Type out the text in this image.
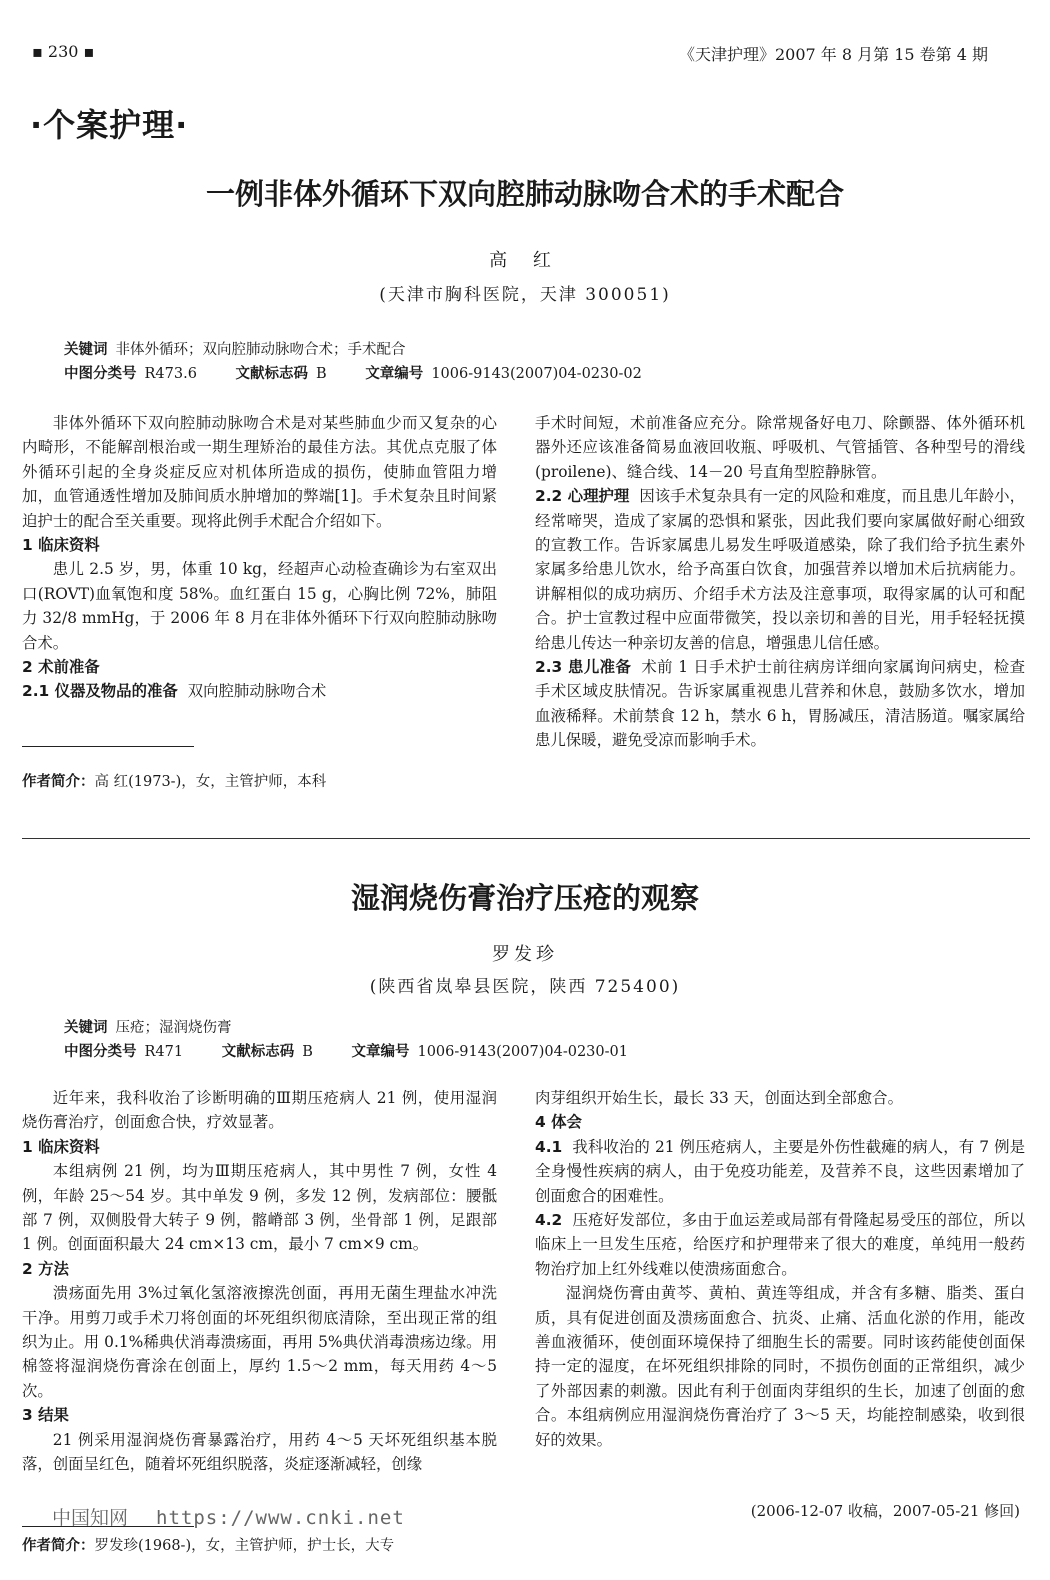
▪ 230 ▪	《天津护理》2007 年 8 月第 15 卷第 4 期
·个案护理·
一例非体外循环下双向腔肺动脉吻合术的手术配合
高 红
(天津市胸科医院，天津 300051)
关键词 非体外循环；双向腔肺动脉吻合术；手术配合
中图分类号 R473.6	文献标志码 B	文章编号 1006-9143(2007)04-0230-02

非体外循环下双向腔肺动脉吻合术是对某些肺血少而又复杂的心内畸形，不能解剖根治或一期生理矫治的最佳方法。其优点克服了体外循环引起的全身炎症反应对机体所造成的损伤，使肺血管阻力增加，血管通透性增加及肺间质水肿增加的弊端[1]。手术复杂且时间紧迫护士的配合至关重要。现将此例手术配合介绍如下。

1 临床资料

患儿 2.5 岁，男，体重 10 kg，经超声心动检查确诊为右室双出口(ROVT)血氧饱和度 58%。血红蛋白 15 g，心胸比例 72%，肺阻力 32/8 mmHg，于 2006 年 8 月在非体外循环下行双向腔肺动脉吻合术。

2 术前准备

2.1 仪器及物品的准备 双向腔肺动脉吻合术

作者简介：高 红(1973-)，女，主管护师，本科

手术时间短，术前准备应充分。除常规备好电刀、除颤器、体外循环机器外还应该准备简易血液回收瓶、呼吸机、气管插管、各种型号的滑线(proilene)、缝合线、14－20 号直角型腔静脉管。

2.2 心理护理 因该手术复杂具有一定的风险和难度，而且患儿年龄小，经常啼哭，造成了家属的恐惧和紧张，因此我们要向家属做好耐心细致的宣教工作。告诉家属患儿易发生呼吸道感染，除了我们给予抗生素外家属多给患儿饮水，给予高蛋白饮食，加强营养以增加术后抗病能力。讲解相似的成功病历、介绍手术方法及注意事项，取得家属的认可和配合。护士宣教过程中应面带微笑，投以亲切和善的目光，用手轻轻抚摸给患儿传达一种亲切友善的信息，增强患儿信任感。

2.3 患儿准备 术前 1 日手术护士前往病房详细向家属询问病史，检查手术区域皮肤情况。告诉家属重视患儿营养和休息，鼓励多饮水，增加血液稀释。术前禁食 12 h，禁水 6 h，胃肠减压，清洁肠道。嘱家属给患儿保暖，避免受凉而影响手术。

湿润烧伤膏治疗压疮的观察
罗发珍
(陕西省岚皋县医院，陕西 725400)
关键词 压疮；湿润烧伤膏
中图分类号 R471	文献标志码 B	文章编号 1006-9143(2007)04-0230-01

近年来，我科收治了诊断明确的Ⅲ期压疮病人 21 例，使用湿润烧伤膏治疗，创面愈合快，疗效显著。

1 临床资料

本组病例 21 例，均为Ⅲ期压疮病人，其中男性 7 例，女性 4 例，年龄 25～54 岁。其中单发 9 例，多发 12 例，发病部位：腰骶部 7 例，双侧股骨大转子 9 例，髂嵴部 3 例，坐骨部 1 例，足跟部 1 例。创面面积最大 24 cm×13 cm，最小 7 cm×9 cm。

2 方法

溃疡面先用 3%过氧化氢溶液擦洗创面，再用无菌生理盐水冲洗干净。用剪刀或手术刀将创面的坏死组织彻底清除，至出现正常的组织为止。用 0.1%稀典伏消毒溃疡面，再用 5%典伏消毒溃疡边缘。用棉签将湿润烧伤膏涂在创面上，厚约 1.5～2 mm，每天用药 4～5 次。

3 结果

21 例采用湿润烧伤膏暴露治疗，用药 4～5 天坏死组织基本脱落，创面呈红色，随着坏死组织脱落，炎症逐渐减轻，创缘

肉芽组织开始生长，最长 33 天，创面达到全部愈合。

4 体会

4.1 我科收治的 21 例压疮病人，主要是外伤性截瘫的病人，有 7 例是全身慢性疾病的病人，由于免疫功能差，及营养不良，这些因素增加了创面愈合的困难性。

4.2 压疮好发部位，多由于血运差或局部有骨隆起易受压的部位，所以临床上一旦发生压疮，给医疗和护理带来了很大的难度，单纯用一般药物治疗加上红外线难以使溃疡面愈合。

湿润烧伤膏由黄芩、黄柏、黄连等组成，并含有多糖、脂类、蛋白质，具有促进创面及溃疡面愈合、抗炎、止痛、活血化淤的作用，能改善血液循环，使创面环境保持了细胞生长的需要。同时该药能使创面保持一定的湿度，在坏死组织排除的同时，不损伤创面的正常组织，减少了外部因素的刺激。因此有利于创面肉芽组织的生长，加速了创面的愈合。本组病例应用湿润烧伤膏治疗了 3～5 天，均能控制感染，收到很好的效果。

(2006-12-07 收稿，2007-05-21 修回)
中国知网 https://www.cnki.net
作者简介：罗发珍(1968-)，女，主管护师，护士长，大专
